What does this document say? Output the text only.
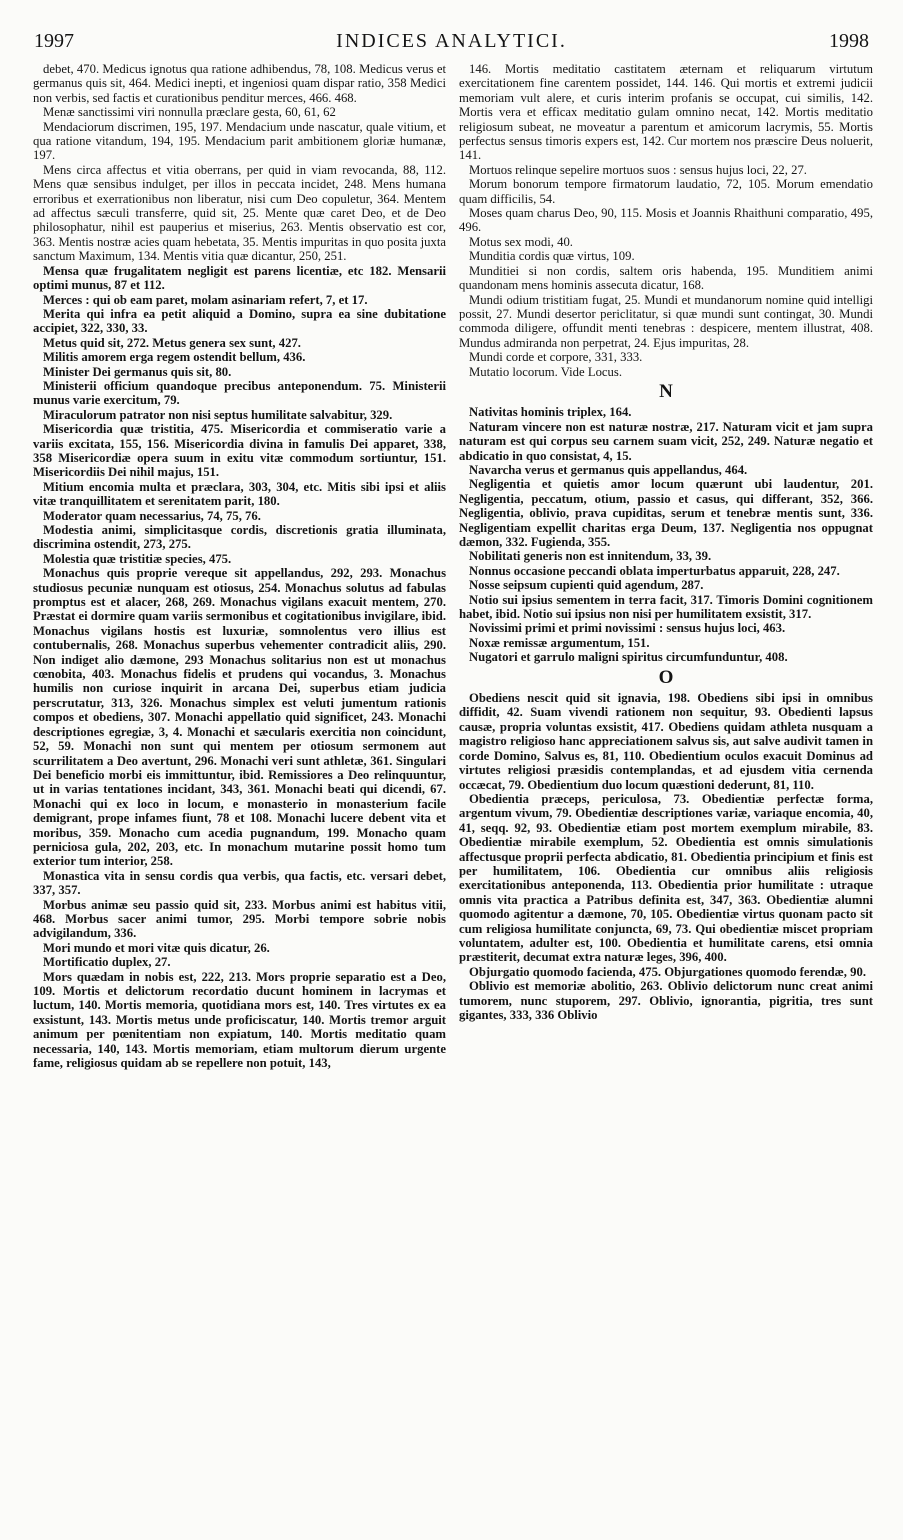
1997	INDICES ANALYTICI.	1998

debet, 470. Medicus ignotus qua ratione adhibendus, 78, 108. Medicus verus et germanus quis sit, 464. Medici inepti, et ingeniosi quam dispar ratio, 358 Medici non verbis, sed factis et curationibus penditur merces, 466. 468.

Menæ sanctissimi viri nonnulla præclare gesta, 60, 61, 62

Mendaciorum discrimen, 195, 197. Mendacium unde nascatur, quale vitium, et qua ratione vitandum, 194, 195. Mendacium parit ambitionem gloriæ humanæ, 197.

Mens circa affectus et vitia oberrans, per quid in viam revocanda, 88, 112. Mens quæ sensibus indulget, per illos in peccata incidet, 248. Mens humana erroribus et exerrationibus non liberatur, nisi cum Deo copuletur, 364. Mentem ad affectus sæculi transferre, quid sit, 25. Mente quæ caret Deo, et de Deo philosophatur, nihil est pauperius et miserius, 263. Mentis observatio est cor, 363. Mentis nostræ acies quam hebetata, 35. Mentis impuritas in quo posita juxta sanctum Maximum, 134. Mentis vitia quæ dicantur, 250, 251.

Mensa quæ frugalitatem negligit est parens licentiæ, etc 182. Mensarii optimi munus, 87 et 112.

Merces : qui ob eam paret, molam asinariam refert, 7, et 17.

Merita qui infra ea petit aliquid a Domino, supra ea sine dubitatione accipiet, 322, 330, 33.

Metus quid sit, 272. Metus genera sex sunt, 427.

Militis amorem erga regem ostendit bellum, 436.

Minister Dei germanus quis sit, 80.

Ministerii officium quandoque precibus anteponendum. 75. Ministerii munus varie exercitum, 79.

Miraculorum patrator non nisi septus humilitate salvabitur, 329.

Misericordia quæ tristitia, 475. Misericordia et commiseratio varie a variis excitata, 155, 156. Misericordia divina in famulis Dei apparet, 338, 358 Misericordiæ opera suum in exitu vitæ commodum sortiuntur, 151. Misericordiis Dei nihil majus, 151.

Mitium encomia multa et præclara, 303, 304, etc. Mitis sibi ipsi et aliis vitæ tranquillitatem et serenitatem parit, 180.

Moderator quam necessarius, 74, 75, 76.

Modestia animi, simplicitasque cordis, discretionis gratia illuminata, discrimina ostendit, 273, 275.

Molestia quæ tristitiæ species, 475.

Monachus quis proprie vereque sit appellandus, 292, 293. Monachus studiosus pecuniæ nunquam est otiosus, 254. Monachus solutus ad fabulas promptus est et alacer, 268, 269. Monachus vigilans exacuit mentem, 270. Præstat ei dormire quam variis sermonibus et cogitationibus invigilare, ibid. Monachus vigilans hostis est luxuriæ, somnolentus vero illius est contubernalis, 268. Monachus superbus vehementer contradicit aliis, 290. Non indiget alio dæmone, 293 Monachus solitarius non est ut monachus cœnobita, 403. Monachus fidelis et prudens qui vocandus, 3. Monachus humilis non curiose inquirit in arcana Dei, superbus etiam judicia perscrutatur, 313, 326. Monachus simplex est veluti jumentum rationis compos et obediens, 307. Monachi appellatio quid significet, 243. Monachi descriptiones egregiæ, 3, 4. Monachi et sæcularis exercitia non coincidunt, 52, 59. Monachi non sunt qui mentem per otiosum sermonem aut scurrilitatem a Deo avertunt, 296. Monachi veri sunt athletæ, 361. Singulari Dei beneficio morbi eis immittuntur, ibid. Remissiores a Deo relinquuntur, ut in varias tentationes incidant, 343, 361. Monachi beati qui dicendi, 67. Monachi qui ex loco in locum, e monasterio in monasterium facile demigrant, prope infames fiunt, 78 et 108. Monachi lucere debent vita et moribus, 359. Monacho cum acedia pugnandum, 199. Monacho quam perniciosa gula, 202, 203, etc. In monachum mutarine possit homo tum exterior tum interior, 258.

Monastica vita in sensu cordis qua verbis, qua factis, etc. versari debet, 337, 357.

Morbus animæ seu passio quid sit, 233. Morbus animi est habitus vitii, 468. Morbus sacer animi tumor, 295. Morbi tempore sobrie nobis advigilandum, 336.

Mori mundo et mori vitæ quis dicatur, 26.

Mortificatio duplex, 27.

Mors quædam in nobis est, 222, 213. Mors proprie separatio est a Deo, 109. Mortis et delictorum recordatio ducunt hominem in lacrymas et luctum, 140. Mortis memoria, quotidiana mors est, 140. Tres virtutes ex ea exsistunt, 143. Mortis metus unde proficiscatur, 140. Mortis tremor arguit animum per pœnitentiam non expiatum, 140. Mortis meditatio quam necessaria, 140, 143. Mortis memoriam, etiam multorum dierum urgente fame, religiosus quidam ab se repellere non potuit, 143,

146. Mortis meditatio castitatem æternam et reliquarum virtutum exercitationem fine carentem possidet, 144. 146. Qui mortis et extremi judicii memoriam vult alere, et curis interim profanis se occupat, cui similis, 142. Mortis vera et efficax meditatio gulam omnino necat, 142. Mortis meditatio religiosum subeat, ne moveatur a parentum et amicorum lacrymis, 55. Mortis perfectus sensus timoris expers est, 142. Cur mortem nos præscire Deus noluerit, 141.

Mortuos relinque sepelire mortuos suos : sensus hujus loci, 22, 27.

Morum bonorum tempore firmatorum laudatio, 72, 105. Morum emendatio quam difficilis, 54.

Moses quam charus Deo, 90, 115. Mosis et Joannis Rhaithuni comparatio, 495, 496.

Motus sex modi, 40.

Munditia cordis quæ virtus, 109.

Munditiei si non cordis, saltem oris habenda, 195. Munditiem animi quandonam mens hominis assecuta dicatur, 168.

Mundi odium tristitiam fugat, 25. Mundi et mundanorum nomine quid intelligi possit, 27. Mundi desertor periclitatur, si quæ mundi sunt contingat, 30. Mundi commoda diligere, offundit menti tenebras : despicere, mentem illustrat, 408. Mundus admiranda non perpetrat, 24. Ejus impuritas, 28.

Mundi corde et corpore, 331, 333.

Mutatio locorum. Vide Locus.

N

Nativitas hominis triplex, 164.

Naturam vincere non est naturæ nostræ, 217. Naturam vicit et jam supra naturam est qui corpus seu carnem suam vicit, 252, 249. Naturæ negatio et abdicatio in quo consistat, 4, 15.

Navarcha verus et germanus quis appellandus, 464.

Negligentia et quietis amor locum quærunt ubi laudentur, 201. Negligentia, peccatum, otium, passio et casus, qui differant, 352, 366. Negligentia, oblivio, prava cupiditas, serum et tenebræ mentis sunt, 336. Negligentiam expellit charitas erga Deum, 137. Negligentia nos oppugnat dæmon, 332. Fugienda, 355.

Nobilitati generis non est innitendum, 33, 39.

Nonnus occasione peccandi oblata imperturbatus apparuit, 228, 247.

Nosse seipsum cupienti quid agendum, 287.

Notio sui ipsius sementem in terra facit, 317. Timoris Domini cognitionem habet, ibid. Notio sui ipsius non nisi per humilitatem exsistit, 317.

Novissimi primi et primi novissimi : sensus hujus loci, 463.

Noxæ remissæ argumentum, 151.

Nugatori et garrulo maligni spiritus circumfunduntur, 408.

O

Obediens nescit quid sit ignavia, 198. Obediens sibi ipsi in omnibus diffidit, 42. Suam vivendi rationem non sequitur, 93. Obedienti lapsus causæ, propria voluntas exsistit, 417. Obediens quidam athleta nusquam a magistro religioso hanc appreciationem salvus sis, aut salve audivit tamen in corde Domino, Salvus es, 81, 110. Obedientium oculos exacuit Dominus ad virtutes religiosi præsidis contemplandas, et ad ejusdem vitia cernenda occæcat, 79. Obedientium duo locum quæstioni dederunt, 81, 110.

Obedientia præceps, periculosa, 73. Obedientiæ perfectæ forma, argentum vivum, 79. Obedientiæ descriptiones variæ, variaque encomia, 40, 41, seqq. 92, 93. Obedientiæ etiam post mortem exemplum mirabile, 83. Obedientiæ mirabile exemplum, 52. Obedientia est omnis simulationis affectusque proprii perfecta abdicatio, 81. Obedientia principium et finis est per humilitatem, 106. Obedientia cur omnibus aliis religiosis exercitationibus anteponenda, 113. Obedientia prior humilitate : utraque omnis vita practica a Patribus definita est, 347, 363. Obedientiæ alumni quomodo agitentur a dæmone, 70, 105. Obedientiæ virtus quonam pacto sit cum religiosa humilitate conjuncta, 69, 73. Qui obedientiæ miscet propriam voluntatem, adulter est, 100. Obedientia et humilitate carens, etsi omnia præstiterit, decumat extra naturæ leges, 396, 400.

Objurgatio quomodo facienda, 475. Objurgationes quomodo ferendæ, 90.

Oblivio est memoriæ abolitio, 263. Oblivio delictorum nunc creat animi tumorem, nunc stuporem, 297. Oblivio, ignorantia, pigritia, tres sunt gigantes, 333, 336 Oblivio
